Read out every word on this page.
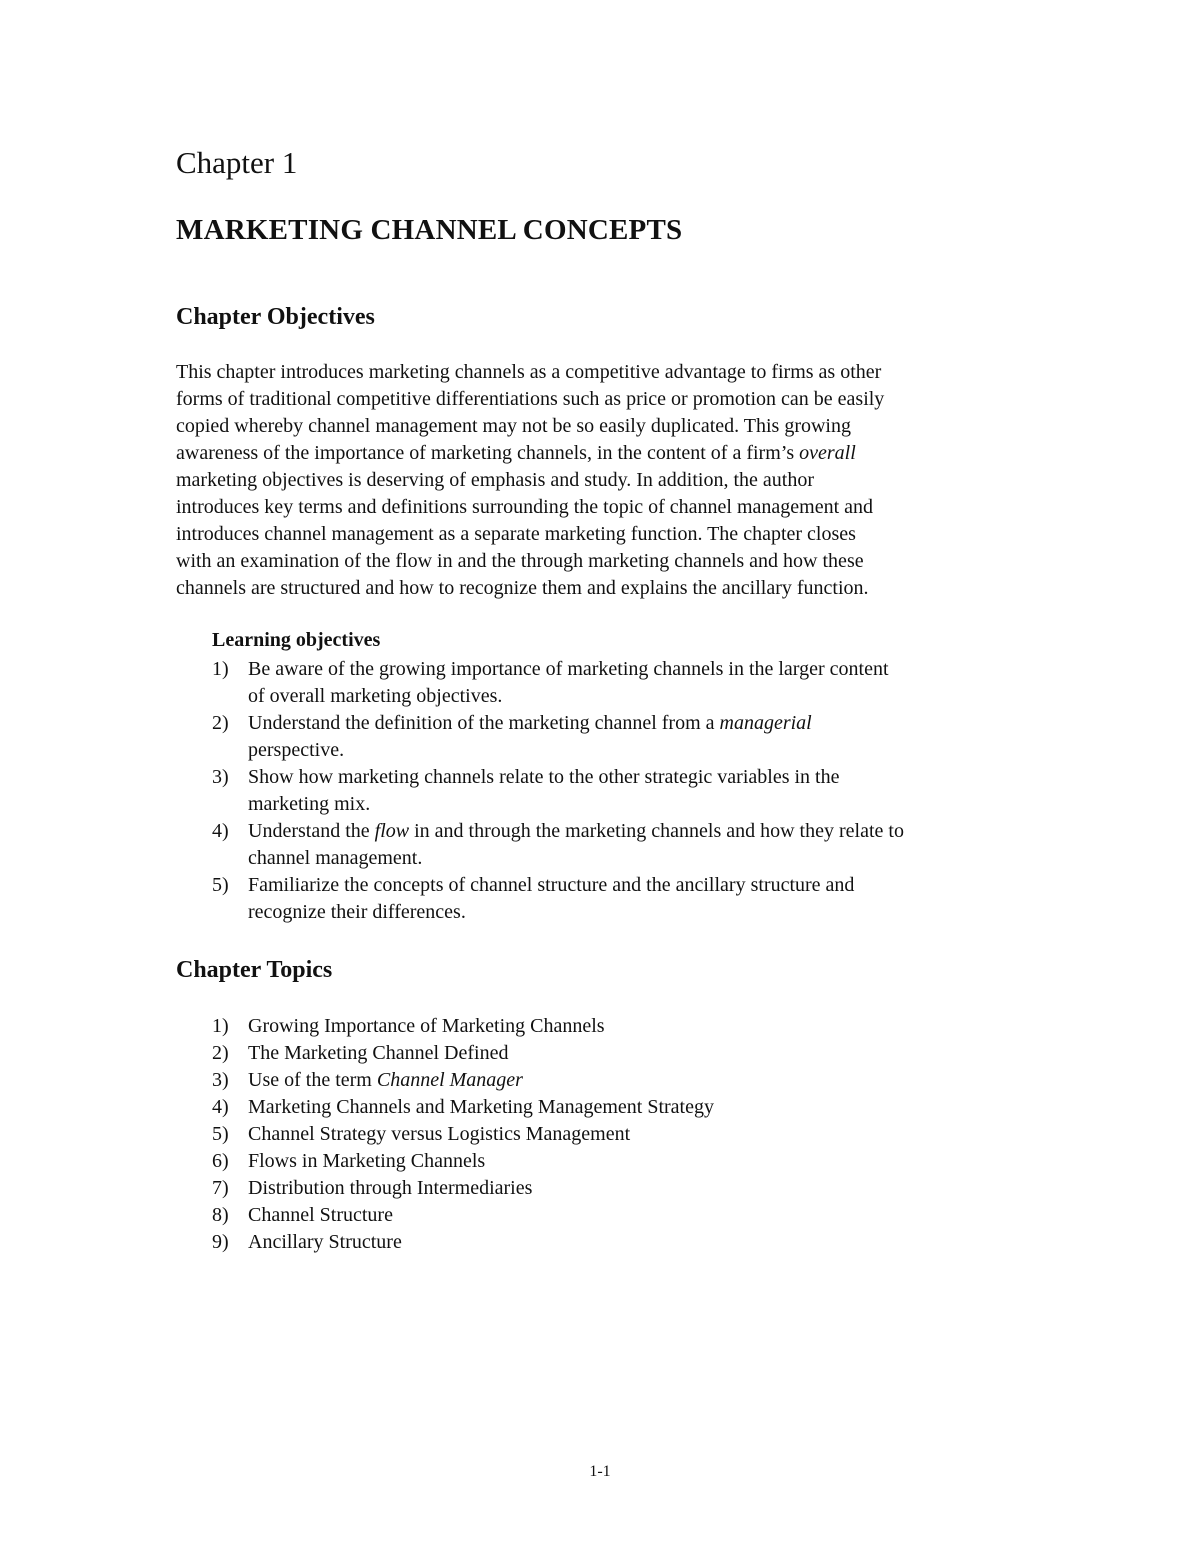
Chapter 1
MARKETING CHANNEL CONCEPTS
Chapter Objectives
This chapter introduces marketing channels as a competitive advantage to firms as other
forms of traditional competitive differentiations such as price or promotion can be easily
copied whereby channel management may not be so easily duplicated. This growing
awareness of the importance of marketing channels, in the content of a firm’s overall
marketing objectives is deserving of emphasis and study. In addition, the author
introduces key terms and definitions surrounding the topic of channel management and
introduces channel management as a separate marketing function. The chapter closes
with an examination of the flow in and the through marketing channels and how these
channels are structured and how to recognize them and explains the ancillary function.
Learning objectives
1) Be aware of the growing importance of marketing channels in the larger content
of overall marketing objectives.
2) Understand the definition of the marketing channel from a managerial
perspective.
3) Show how marketing channels relate to the other strategic variables in the
marketing mix.
4) Understand the flow in and through the marketing channels and how they relate to
channel management.
5) Familiarize the concepts of channel structure and the ancillary structure and
recognize their differences.
Chapter Topics
1) Growing Importance of Marketing Channels
2) The Marketing Channel Defined
3) Use of the term Channel Manager
4) Marketing Channels and Marketing Management Strategy
5) Channel Strategy versus Logistics Management
6) Flows in Marketing Channels
7) Distribution through Intermediaries
8) Channel Structure
9) Ancillary Structure
1-1
